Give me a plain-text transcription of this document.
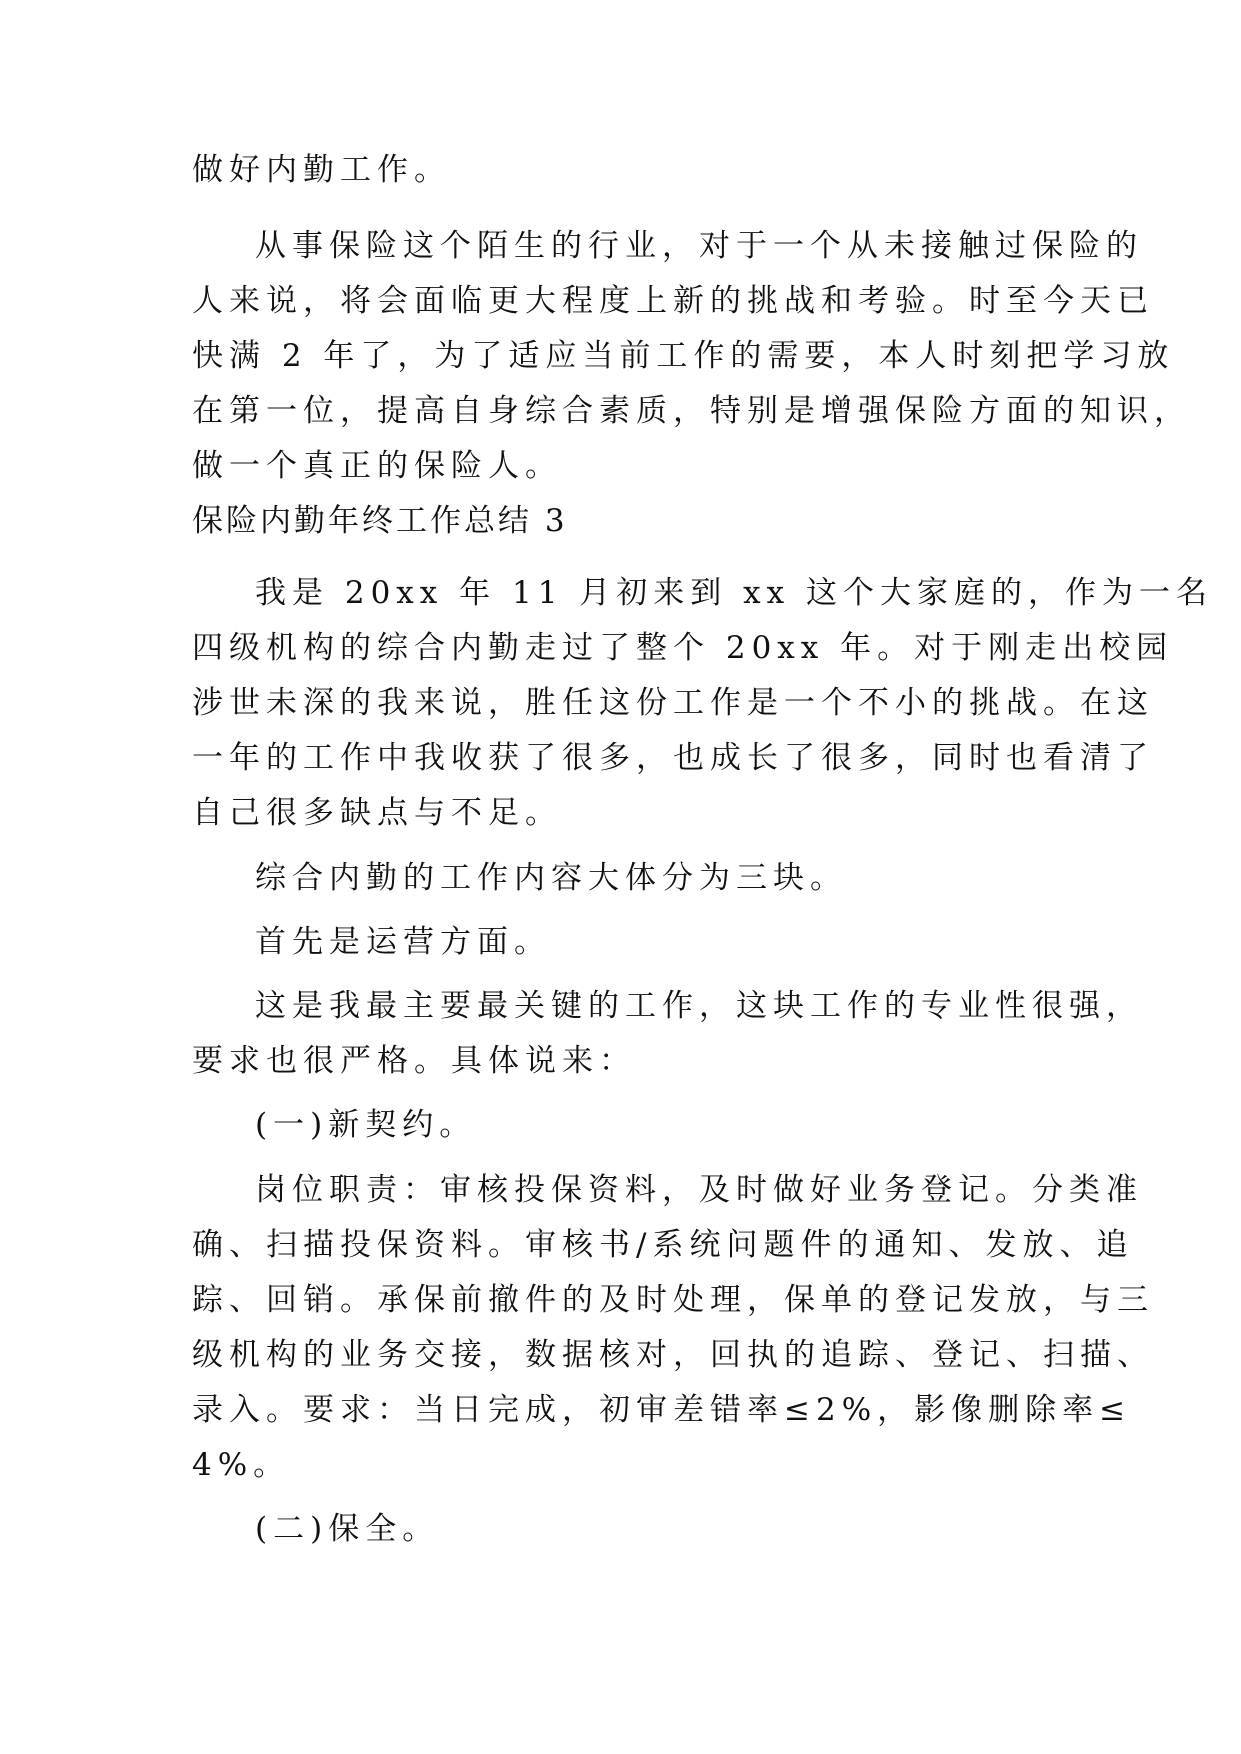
做好内勤工作。
从事保险这个陌生的行业，对于一个从未接触过保险的
人来说，将会面临更大程度上新的挑战和考验。时至今天已
快满 2 年了，为了适应当前工作的需要，本人时刻把学习放
在第一位，提高自身综合素质，特别是增强保险方面的知识，
做一个真正的保险人。
保险内勤年终工作总结 3
我是 20xx 年 11 月初来到 xx 这个大家庭的，作为一名
四级机构的综合内勤走过了整个 20xx 年。对于刚走出校园
涉世未深的我来说，胜任这份工作是一个不小的挑战。在这
一年的工作中我收获了很多，也成长了很多，同时也看清了
自己很多缺点与不足。
综合内勤的工作内容大体分为三块。
首先是运营方面。
这是我最主要最关键的工作，这块工作的专业性很强，
要求也很严格。具体说来：
(一)新契约。
岗位职责：审核投保资料，及时做好业务登记。分类准
确、扫描投保资料。审核书/系统问题件的通知、发放、追
踪、回销。承保前撤件的及时处理，保单的登记发放，与三
级机构的业务交接，数据核对，回执的追踪、登记、扫描、
录入。要求：当日完成，初审差错率≤2%，影像删除率≤
4%。
(二)保全。
